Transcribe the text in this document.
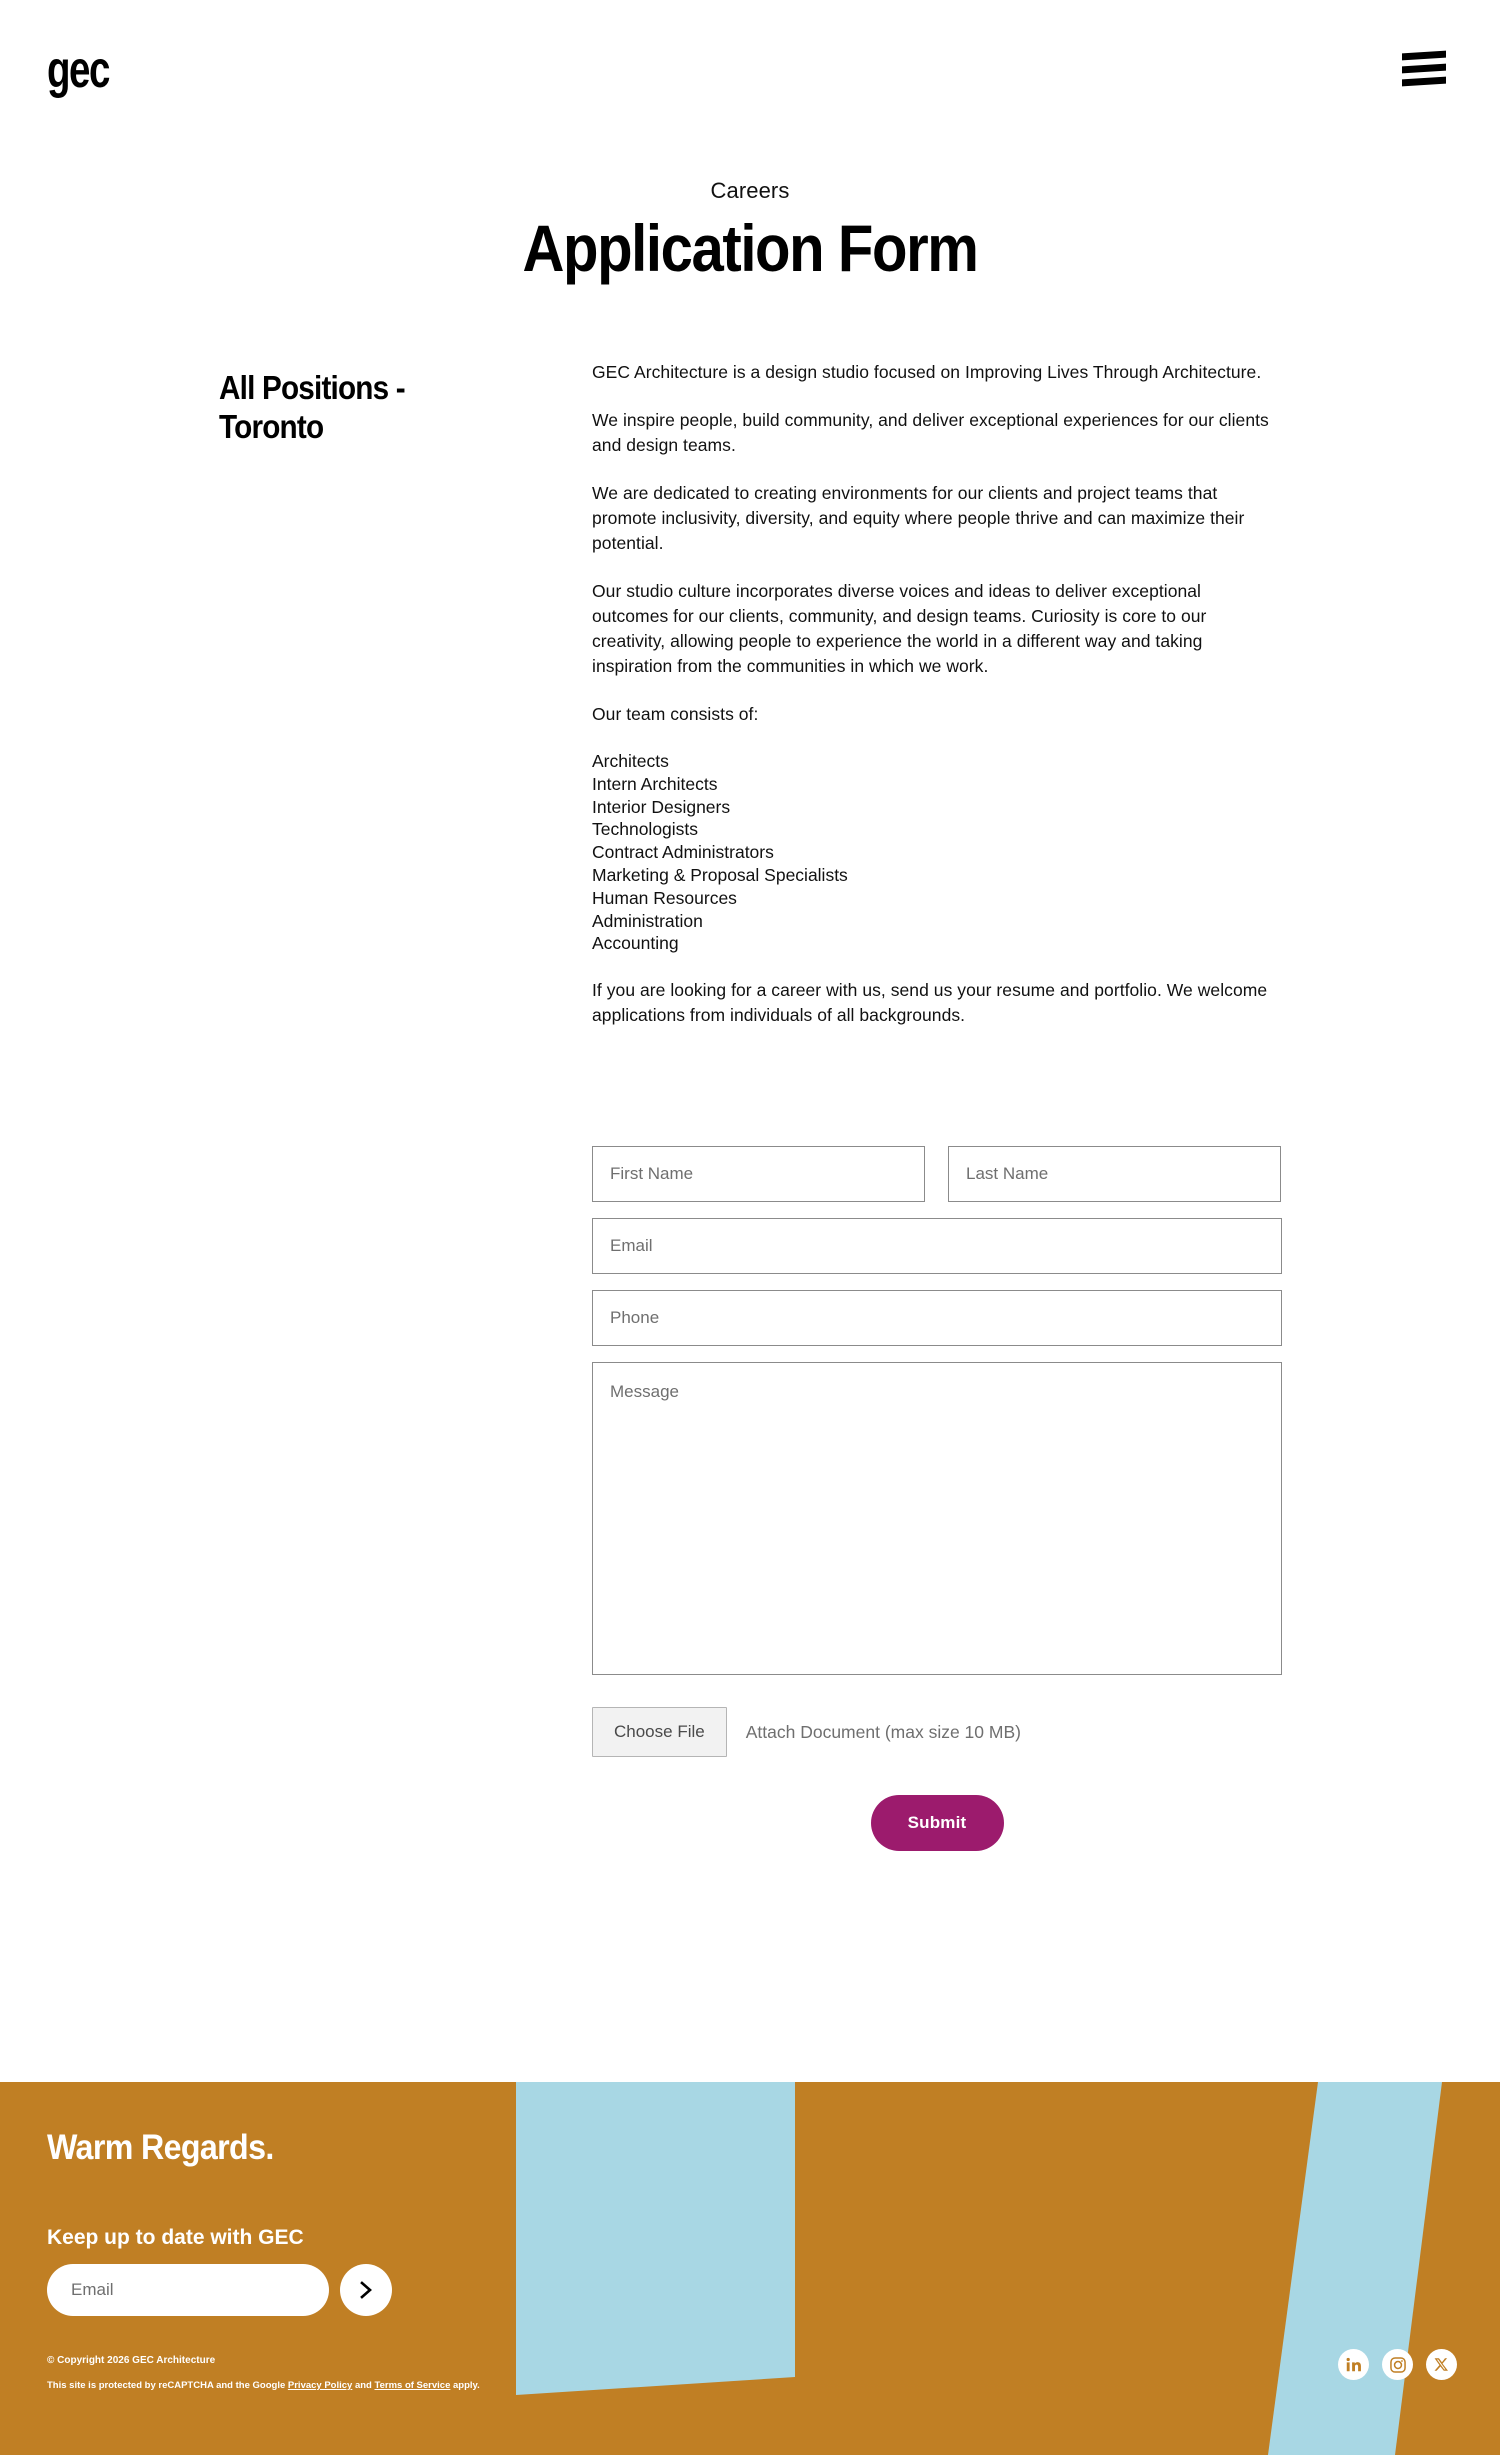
gec
Careers
Application Form
All Positions - Toronto

GEC Architecture is a design studio focused on Improving Lives Through Architecture.

We inspire people, build community, and deliver exceptional experiences for our clients and design teams.

We are dedicated to creating environments for our clients and project teams that promote inclusivity, diversity, and equity where people thrive and can maximize their potential.

Our studio culture incorporates diverse voices and ideas to deliver exceptional outcomes for our clients, community, and design teams. Curiosity is core to our creativity, allowing people to experience the world in a different way and taking inspiration from the communities in which we work.

Our team consists of:

Architects
Intern Architects
Interior Designers
Technologists
Contract Administrators
Marketing & Proposal Specialists
Human Resources
Administration
Accounting

If you are looking for a career with us, send us your resume and portfolio. We welcome applications from individuals of all backgrounds.

First Name
Last Name
Email Phone Message
Choose File	Attach Document (max size 10 MB)
Submit
Warm Regards.
Keep up to date with GEC
Email
© Copyright 2026 GEC Architecture
This site is protected by reCAPTCHA and the Google Privacy Policy and Terms of Service apply.
